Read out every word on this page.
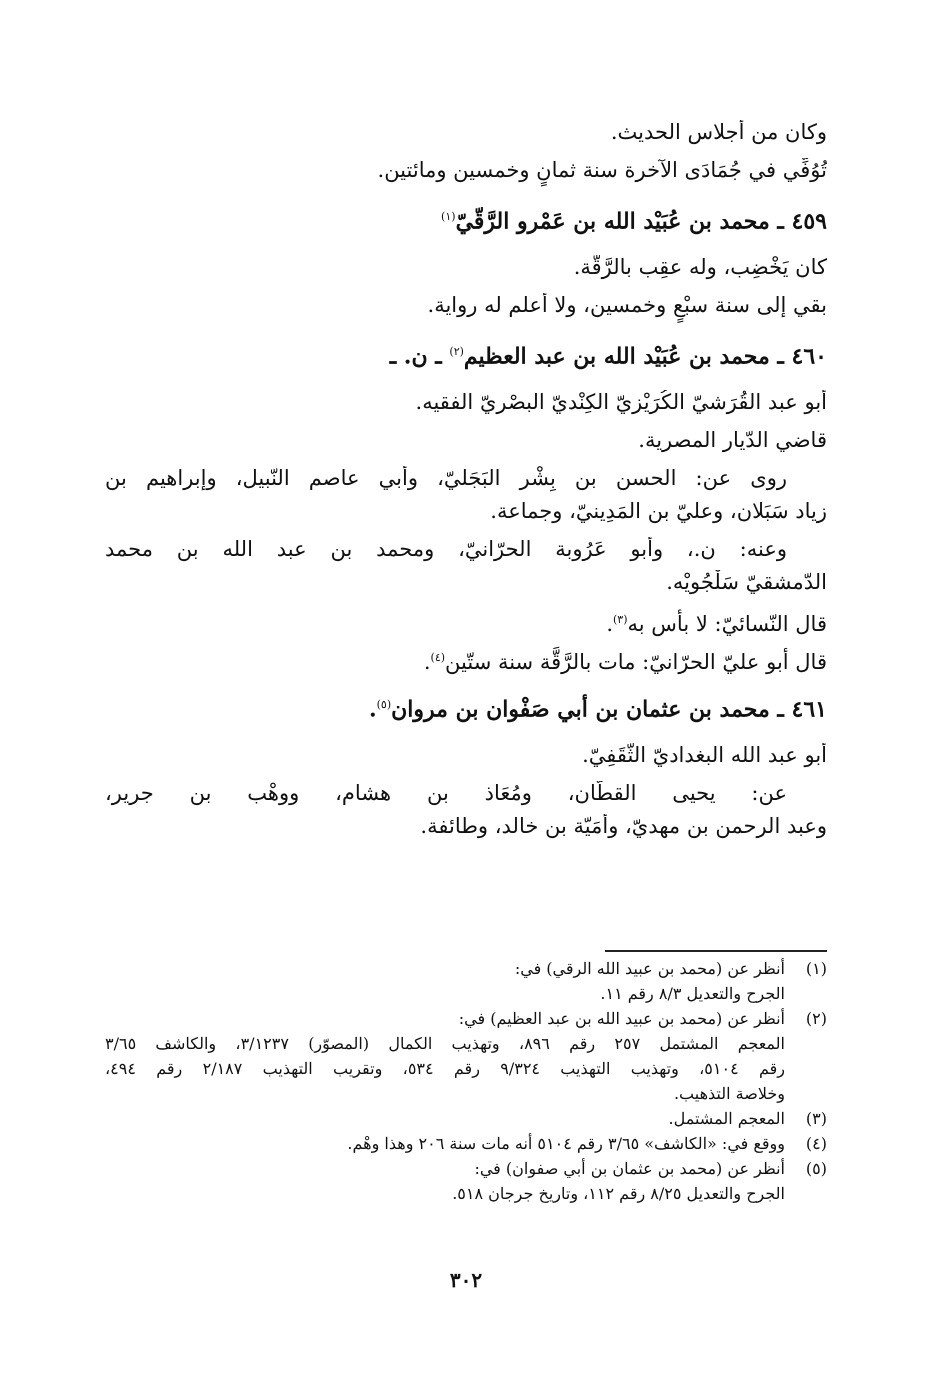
وكان من أجلاس الحديث.
تُوُفِّي في جُمَادَى الآخرة سنة ثمانٍ وخمسين ومائتين.
٤٥٩ ـ محمد بن عُبَيْد الله بن عَمْرو الرَّقّيّ$^{(١)}$
كان يَخْضِب، وله عقِب بالرَّقَّة.
بقي إلى سنة سبْعٍ وخمسين، ولا أعلم له رواية.
٤٦٠ ـ محمد بن عُبَيْد الله بن عبد العظيم$^{(٢)}$ ـ ن. ـ
أبو عبد القُرَشيّ الكُرَيْزيّ الكِنْديّ البصْريّ الفقيه.
قاضي الدّيار المصرية.
روى عن: الحسن بن بِشْر البَجَليّ، وأبي عاصم النّبيل، وإبراهيم بن
زياد سَبَلان، وعليّ بن المَدِينيّ، وجماعة.
وعنه: ن.، وأبو عَرُوبة الحرّانيّ، ومحمد بن عبد الله بن محمد
الدّمشقيّ سَلْجُويْه.
قال النّسائيّ: لا بأس به$^{(٣)}$.
قال أبو عليّ الحرّانيّ: مات بالرَّقَّة سنة ستّين$^{(٤)}$.
٤٦١ ـ محمد بن عثمان بن أبي صَفْوان بن مروان$^{(٥)}$.
أبو عبد الله البغداديّ الثَّقَفِيّ.
عن: يحيى القطّان، ومُعَاذ بن هشام، ووهْب بن جرير،
وعبد الرحمن بن مهديّ، وأُمَيّة بن خالد، وطائفة.
(١)
أنظر عن (محمد بن عبيد الله الرقي) في:
الجرح والتعديل ٨/٣ رقم ١١.
(٢)
أنظر عن (محمد بن عبيد الله بن عبد العظيم) في:
المعجم المشتمل ٢٥٧ رقم ٨٩٦، وتهذيب الكمال (المصوّر) ٣/١٢٣٧، والكاشف ٣/٦٥
رقم ٥١٠٤، وتهذيب التهذيب ٩/٣٢٤ رقم ٥٣٤، وتقريب التهذيب ٢/١٨٧ رقم ٤٩٤،
وخلاصة التذهيب.
(٣)
المعجم المشتمل.
(٤)
ووقع في: «الكاشف» ٣/٦٥ رقم ٥١٠٤ أنه مات سنة ٢٠٦ وهذا وهْم.
(٥)
أنظر عن (محمد بن عثمان بن أبي صفوان) في:
الجرح والتعديل ٨/٢٥ رقم ١١٢، وتاريخ جرجان ٥١٨.
٣٠٢
